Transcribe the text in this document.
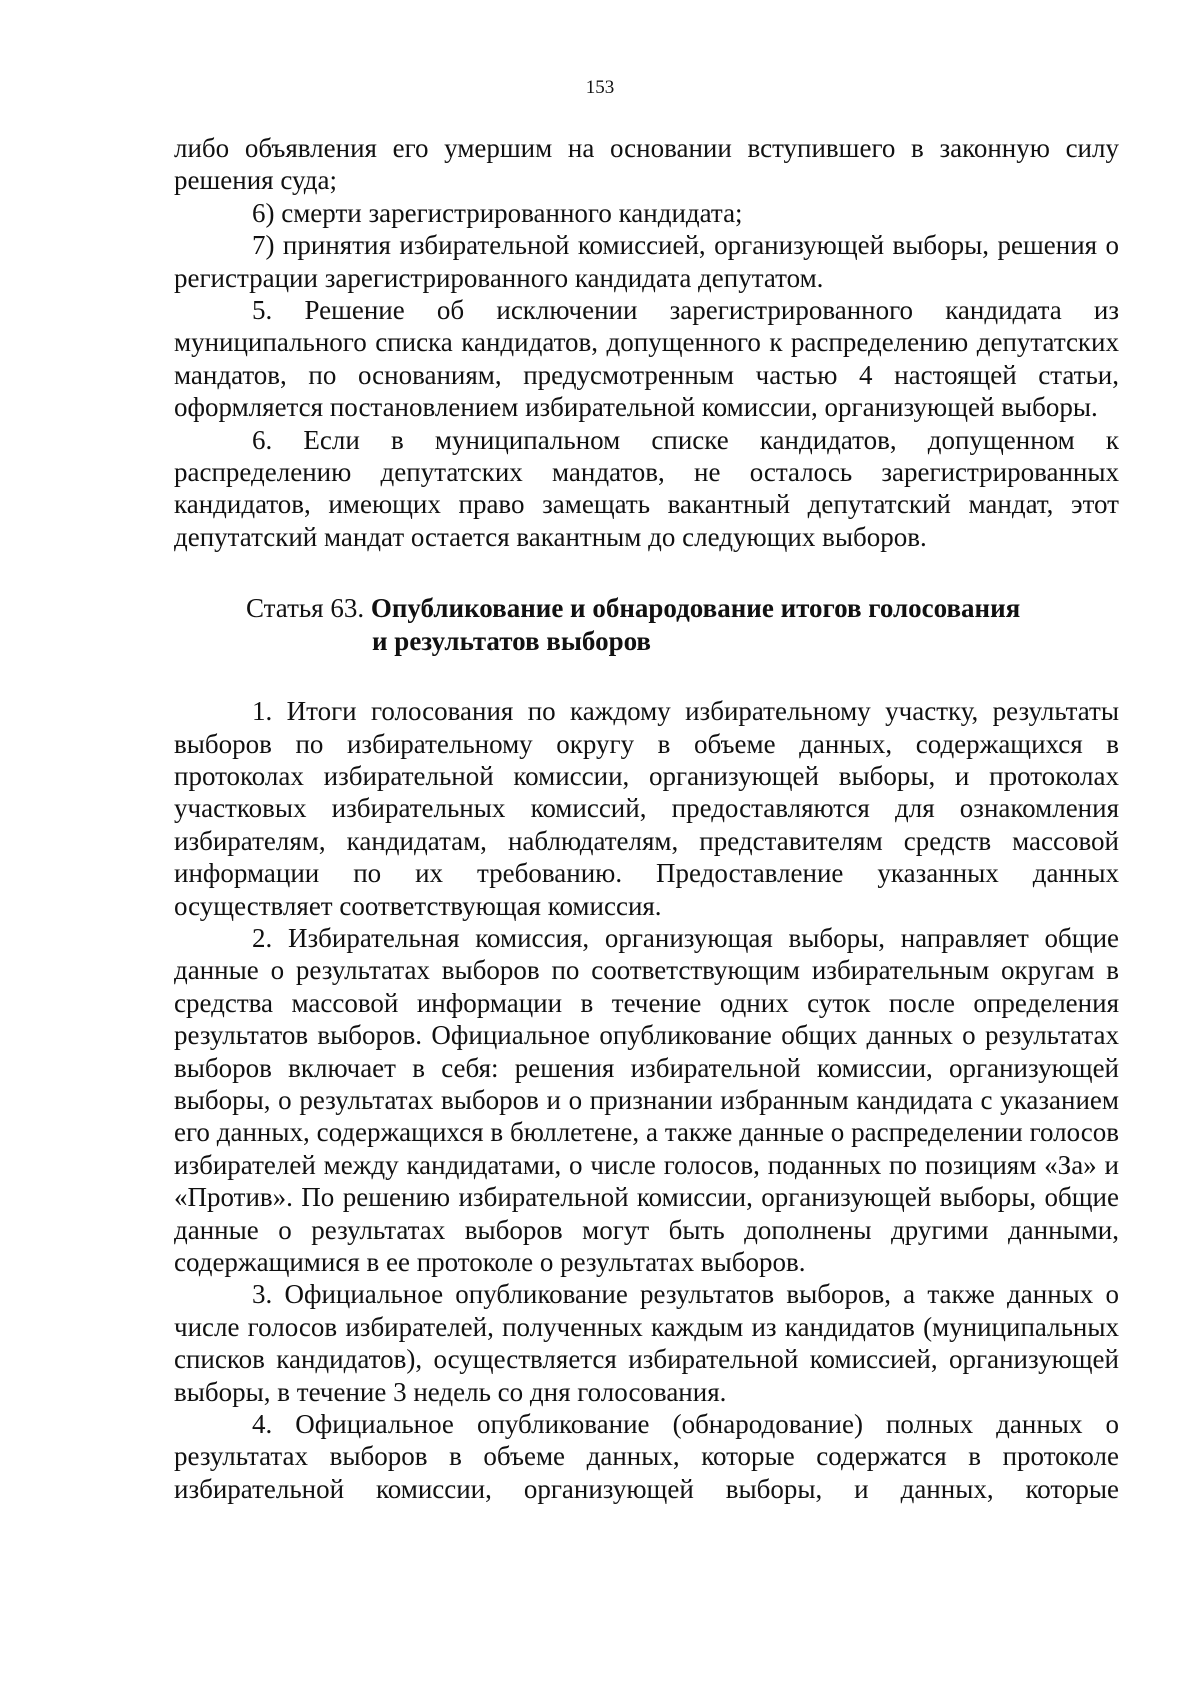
153

либо объявления его умершим на основании вступившего в законную силу решения суда;

6) смерти зарегистрированного кандидата;

7) принятия избирательной комиссией, организующей выборы, решения о регистрации зарегистрированного кандидата депутатом.

5. Решение об исключении зарегистрированного кандидата из муниципального списка кандидатов, допущенного к распределению депутатских мандатов, по основаниям, предусмотренным частью 4 настоящей статьи, оформляется постановлением избирательной комиссии, организующей выборы.

6. Если в муниципальном списке кандидатов, допущенном к распределению депутатских мандатов, не осталось зарегистрированных кандидатов, имеющих право замещать вакантный депутатский мандат, этот депутатский мандат остается вакантным до следующих выборов.

Статья 63. Опубликование и обнародование итогов голосования
и результатов выборов

1. Итоги голосования по каждому избирательному участку, результаты выборов по избирательному округу в объеме данных, содержащихся в протоколах избирательной комиссии, организующей выборы, и протоколах участковых избирательных комиссий, предоставляются для ознакомления избирателям, кандидатам, наблюдателям, представителям средств массовой информации по их требованию. Предоставление указанных данных осуществляет соответствующая комиссия.

2. Избирательная комиссия, организующая выборы, направляет общие данные о результатах выборов по соответствующим избирательным округам в средства массовой информации в течение одних суток после определения результатов выборов. Официальное опубликование общих данных о результатах выборов включает в себя: решения избирательной комиссии, организующей выборы, о результатах выборов и о признании избранным кандидата с указанием его данных, содержащихся в бюллетене, а также данные о распределении голосов избирателей между кандидатами, о числе голосов, поданных по позициям «За» и «Против». По решению избирательной комиссии, организующей выборы, общие данные о результатах выборов могут быть дополнены другими данными, содержащимися в ее протоколе о результатах выборов.

3. Официальное опубликование результатов выборов, а также данных о числе голосов избирателей, полученных каждым из кандидатов (муниципальных списков кандидатов), осуществляется избирательной комиссией, организующей выборы, в течение 3 недель со дня голосования.

4. Официальное опубликование (обнародование) полных данных о результатах выборов в объеме данных, которые содержатся в протоколе избирательной комиссии, организующей выборы, и данных, которые
